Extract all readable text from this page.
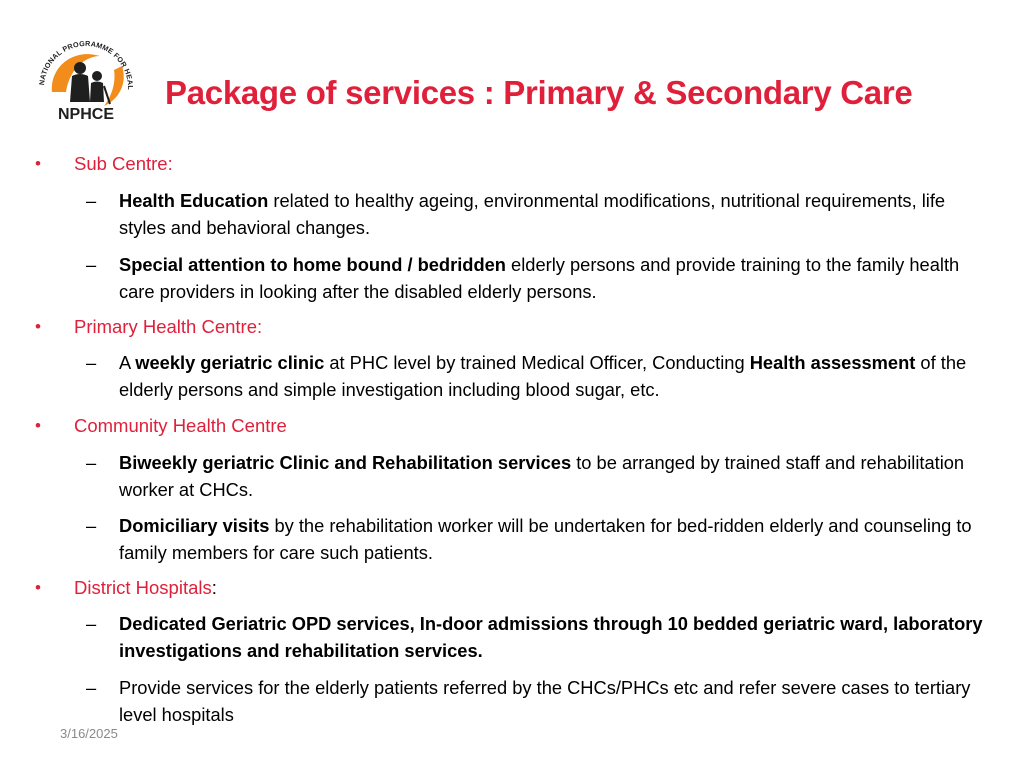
NATIONAL PROGRAMME FOR HEAL
NPHCE
Package of services : Primary & Secondary Care
• Sub Centre:
– Health Education related to healthy ageing, environmental modifications, nutritional requirements, life styles and behavioral changes.
– Special attention to home bound / bedridden elderly persons and provide training to the family health care providers in looking after the disabled elderly persons.
• Primary Health Centre:
– A weekly geriatric clinic at PHC level by trained Medical Officer, Conducting Health assessment of the elderly persons and simple investigation including blood sugar, etc.
• Community Health Centre
– Biweekly geriatric Clinic and Rehabilitation services to be arranged by trained staff and rehabilitation worker at CHCs.
– Domiciliary visits by the rehabilitation worker will be undertaken for bed-ridden elderly and counseling to family members for care such patients.
• District Hospitals:
– Dedicated Geriatric OPD services, In-door admissions through 10 bedded geriatric ward, laboratory investigations and rehabilitation services.
– Provide services for the elderly patients referred by the CHCs/PHCs etc and refer severe cases to tertiary level hospitals
3/16/2025
